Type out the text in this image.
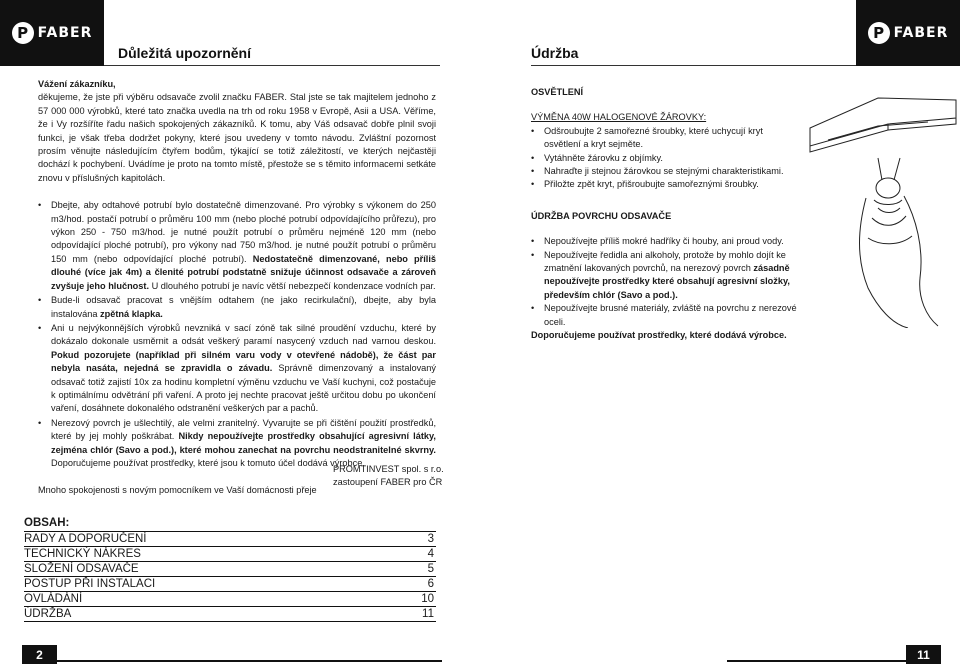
P FABER
Důležitá upozornění
P FABER
Údržba
Vážení zákazníku,
děkujeme, že jste při výběru odsavače zvolil značku FABER. Stal jste se tak majitelem jednoho z 57 000 000 výrobků, které tato značka uvedla na trh od roku 1958 v Evropě, Asii a USA. Věříme, že i Vy rozšíříte řadu našich spokojených zákazníků. K tomu, aby Váš odsavač dobře plnil svoji funkci, je však třeba dodržet pokyny, které jsou uvedeny v tomto návodu. Zvláštní pozornost prosím věnujte následujícím čtyřem bodům, týkající se totiž záležitostí, ve kterých nejčastěji dochází k pochybení. Uvádíme je proto na tomto místě, přestože se s těmito informacemi setkáte znovu v příslušných kapitolách.
• Dbejte, aby odtahové potrubí bylo dostatečně dimenzované. Pro výrobky s výkonem do 250 m3/hod. postačí potrubí o průměru 100 mm (nebo ploché potrubí odpovídajícího průřezu), pro výkon 250 - 750 m3/hod. je nutné použít potrubí o průměru nejméně 120 mm (nebo odpovídající ploché potrubí), pro výkony nad 750 m3/hod. je nutné použít potrubí o průměru 150 mm (nebo odpovídající ploché potrubí). Nedostatečně dimenzované, nebo příliš dlouhé (více jak 4m) a členité potrubí podstatně snižuje účinnost odsavače a zároveň zvyšuje jeho hlučnost. U dlouhého potrubí je navíc větší nebezpečí kondenzace vodních par.
• Bude-li odsavač pracovat s vnějším odtahem (ne jako recirkulační), dbejte, aby byla instalována zpětná klapka.
• Ani u nejvýkonnějších výrobků nevzniká v sací zóně tak silné proudění vzduchu, které by dokázalo dokonale usměrnit a odsát veškerý paramí nasycený vzduch nad varnou deskou. Pokud pozorujete (například při silném varu vody v otevřené nádobě), že část par nebyla nasáta, nejedná se zpravidla o závadu. Správně dimenzovaný a instalovaný odsavač totiž zajistí 10x za hodinu kompletní výměnu vzduchu ve Vaší kuchyni, což postačuje k optimálnímu odvětrání při vaření. A proto jej nechte pracovat ještě určitou dobu po ukončení vaření, dosáhnete dokonalého odstranění veškerých par a pachů.
• Nerezový povrch je ušlechtilý, ale velmi zranitelný. Vyvarujte se při čištění použití prostředků, které by jej mohly poškrábat. Nikdy nepoužívejte prostředky obsahující agresivní látky, zejména chlór (Savo a pod.), které mohou zanechat na povrchu neodstranitelné skvrny. Doporučujeme používat prostředky, které jsou k tomuto účel dodává výrobce.
Mnoho spokojenosti s novým pomocníkem ve Vaší domácnosti přeje
PROMTINVEST spol. s r.o.
zastoupení FABER pro ČR
OBSAH:
RADY A DOPORUČENÍ	3
TECHNICKÝ NÁKRES	4
SLOŽENÍ ODSAVAČE	5
POSTUP PŘI INSTALACI	6
OVLÁDÁNÍ	10
ÚDRŽBA	11
OSVĚTLENÍ
VÝMĚNA 40W HALOGENOVÉ ŽÁROVKY:
• Odšroubujte 2 samořezné šroubky, které uchycují kryt osvětlení a kryt sejměte.
• Vytáhněte žárovku z objímky.
• Nahraďte ji stejnou žárovkou se stejnými charakteristikami.
• Přiložte zpět kryt, přišroubujte samořeznými šroubky.
ÚDRŽBA POVRCHU ODSAVAČE
• Nepoužívejte příliš mokré hadříky či houby, ani proud vody.
• Nepoužívejte ředidla ani alkoholy, protože by mohlo dojít ke zmatnění lakovaných povrchů, na nerezový povrch zásadně nepoužívejte prostředky které obsahují agresivní složky, především chlór (Savo a pod.).
• Nepoužívejte brusné materiály, zvláště na povrchu z nerezové oceli.
Doporučujeme používat prostředky, které dodává výrobce.
2	11
